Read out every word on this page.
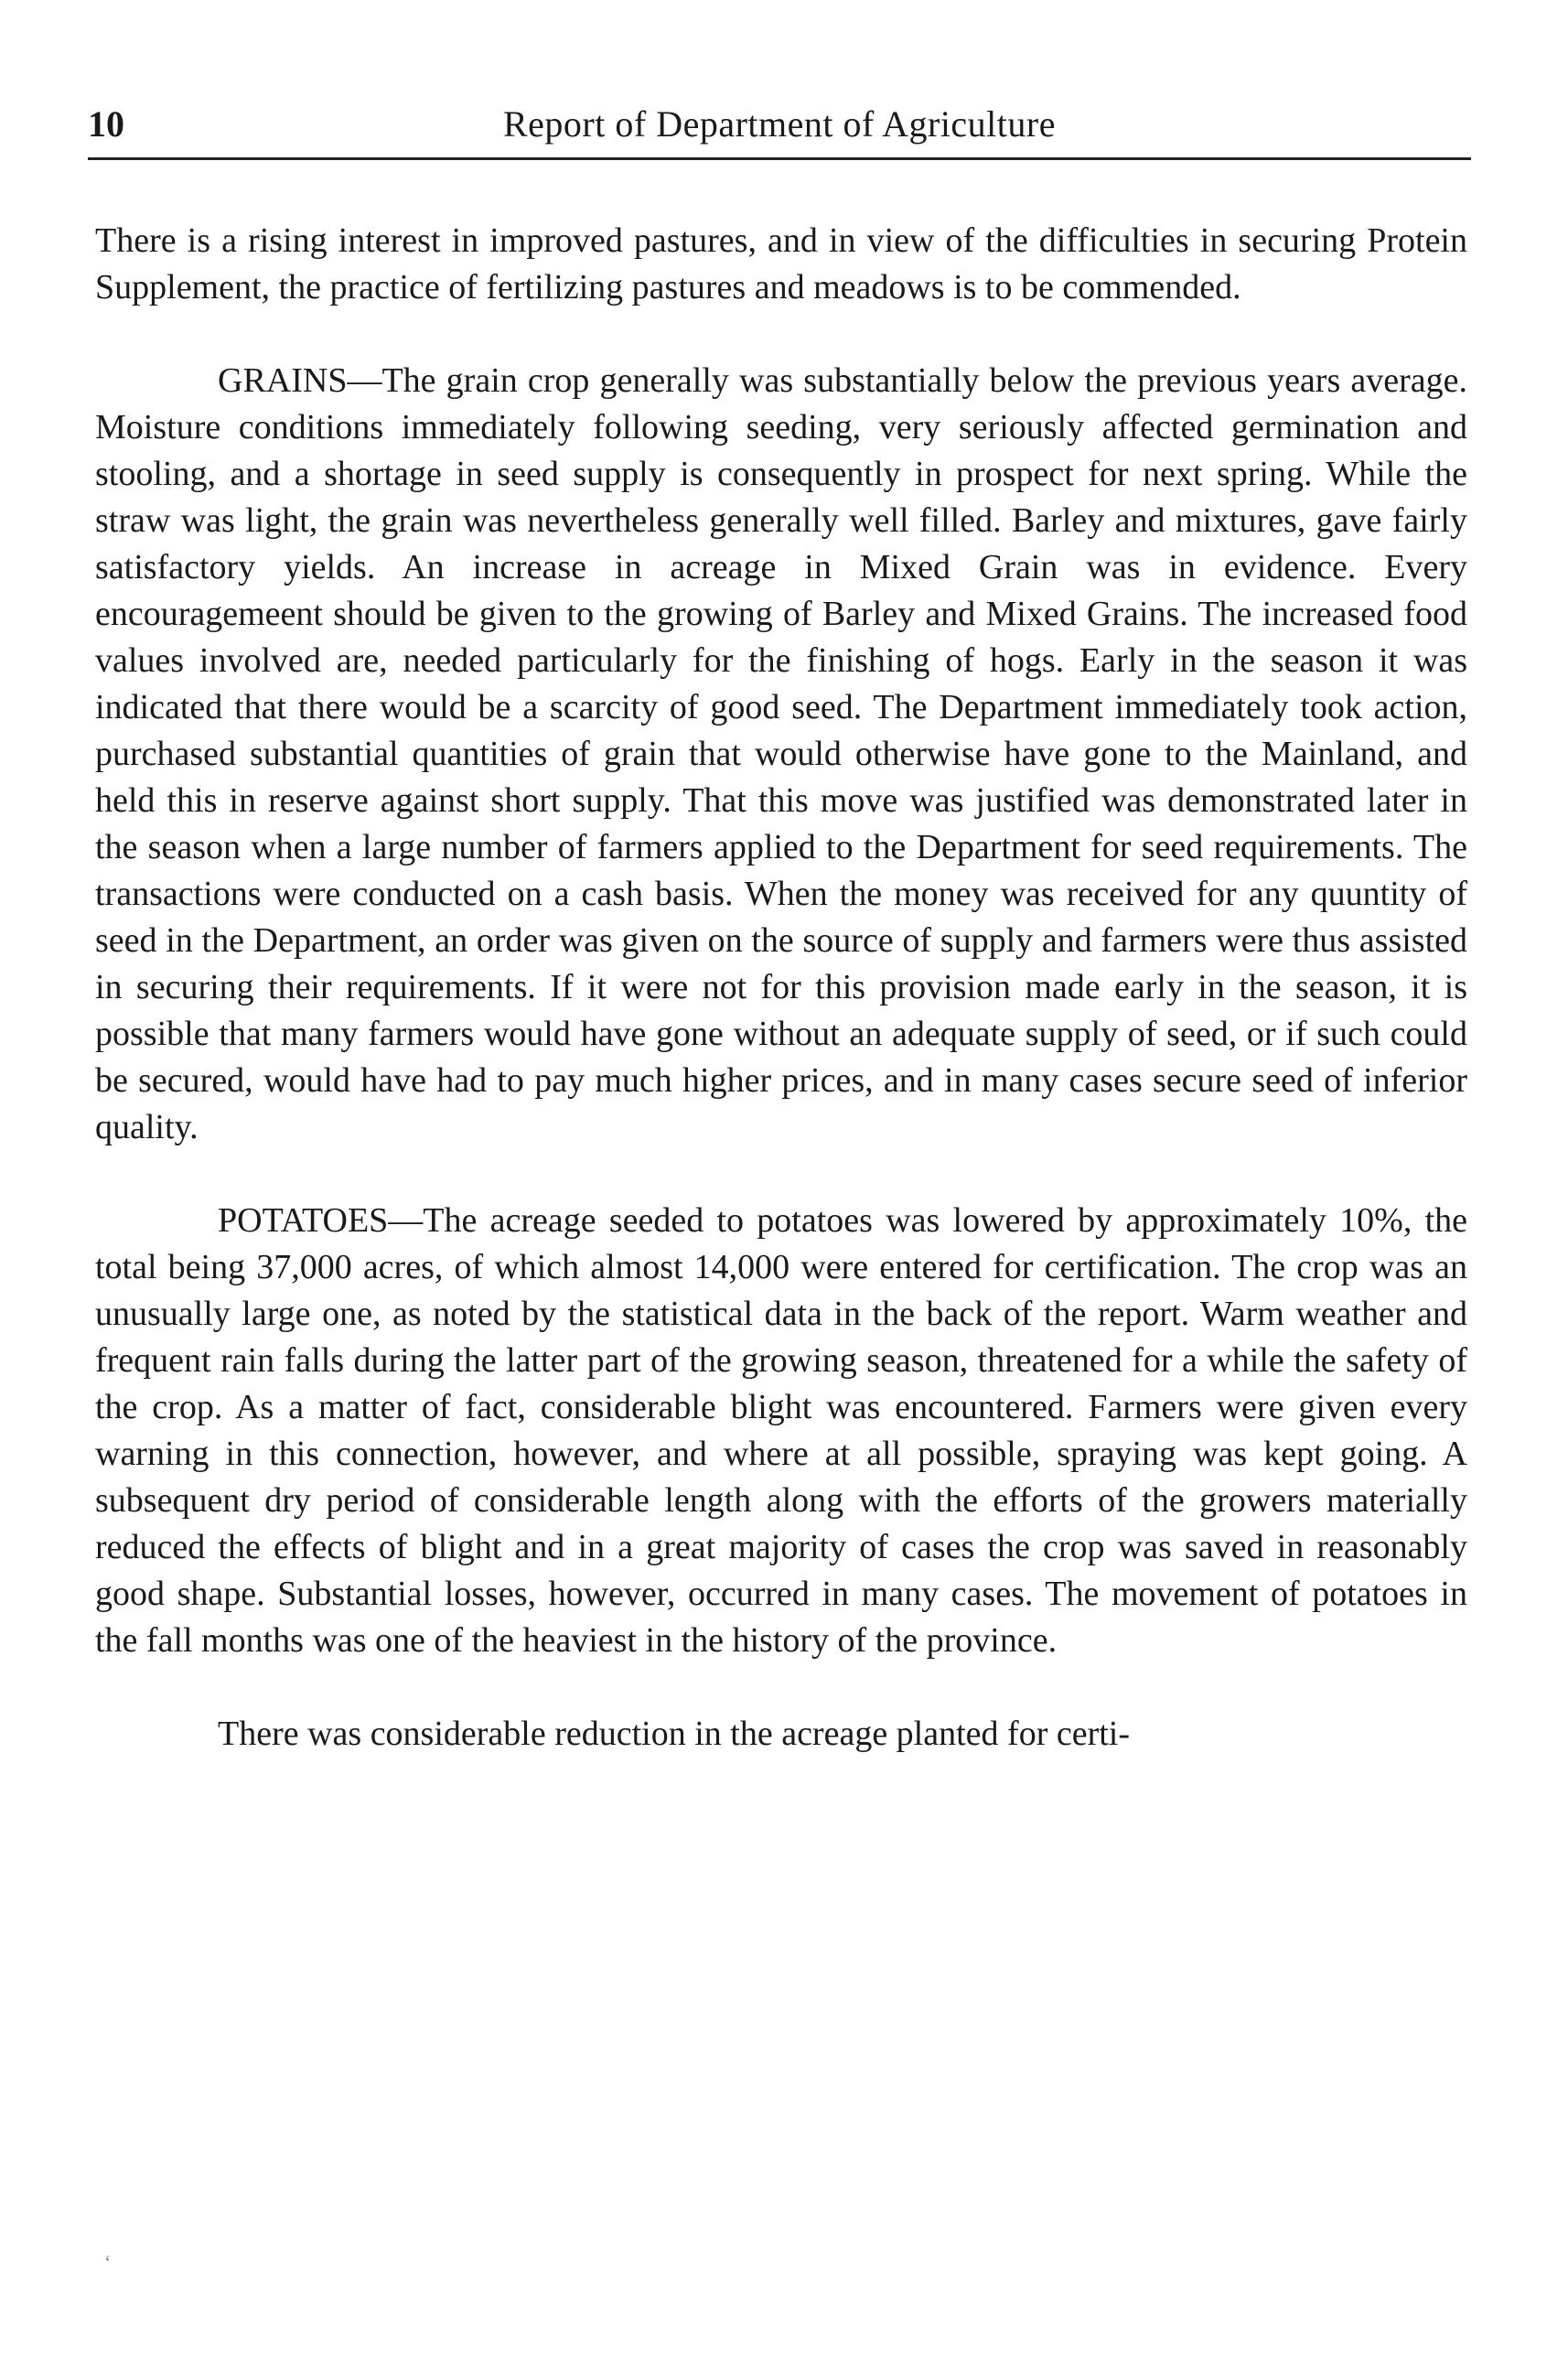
10	Report of Department of Agriculture

There is a rising interest in improved pastures, and in view of the difficulties in securing Protein Supplement, the practice of fertilizing pastures and meadows is to be commended.

GRAINS—The grain crop generally was substantially below the previous years average. Moisture conditions immediately following seeding, very seriously affected germination and stooling, and a shortage in seed supply is consequently in prospect for next spring. While the straw was light, the grain was nevertheless generally well filled. Barley and mixtures, gave fairly satisfactory yields. An increase in acreage in Mixed Grain was in evidence. Every encouragemeent should be given to the growing of Barley and Mixed Grains. The increased food values involved are, needed particularly for the finishing of hogs. Early in the season it was indicated that there would be a scarcity of good seed. The Department immediately took action, purchased substantial quantities of grain that would otherwise have gone to the Mainland, and held this in reserve against short supply. That this move was justified was demonstrated later in the season when a large number of farmers applied to the Department for seed requirements. The transactions were conducted on a cash basis. When the money was received for any quuntity of seed in the Department, an order was given on the source of supply and farmers were thus assisted in securing their requirements. If it were not for this provision made early in the season, it is possible that many farmers would have gone without an adequate supply of seed, or if such could be secured, would have had to pay much higher prices, and in many cases secure seed of inferior quality.

POTATOES—The acreage seeded to potatoes was lowered by approximately 10%, the total being 37,000 acres, of which almost 14,000 were entered for certification. The crop was an unusually large one, as noted by the statistical data in the back of the report. Warm weather and frequent rain falls during the latter part of the growing season, threatened for a while the safety of the crop. As a matter of fact, considerable blight was encountered. Farmers were given every warning in this connection, however, and where at all possible, spraying was kept going. A subsequent dry period of considerable length along with the efforts of the growers materially reduced the effects of blight and in a great majority of cases the crop was saved in reasonably good shape. Substantial losses, however, occurred in many cases. The movement of potatoes in the fall months was one of the heaviest in the history of the province.

There was considerable reduction in the acreage planted for certi-

‘
